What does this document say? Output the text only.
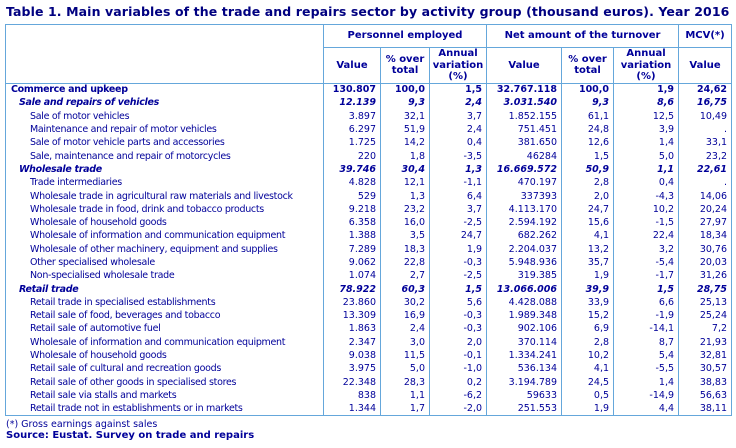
Table 1. Main variables of the trade and repairs sector by activity group (thousand euros). Year 2016
	Personnel employed			Net amount of the turnover			MCV(*)
	Value	% over total	Annual variation (%)	Value	% over total	Annual variation (%)	Value
Commerce and upkeep	130.807	100,0	1,5	32.767.118	100,0	1,9	24,62
Sale and repairs of vehicles	12.139	9,3	2,4	3.031.540	9,3	8,6	16,75
Sale of motor vehicles	3.897	32,1	3,7	1.852.155	61,1	12,5	10,49
Maintenance and repair of motor vehicles	6.297	51,9	2,4	751.451	24,8	3,9	.
Sale of motor vehicle parts and accessories	1.725	14,2	0,4	381.650	12,6	1,4	33,1
Sale, maintenance and repair of motorcycles	220	1,8	-3,5	46284	1,5	5,0	23,2
Wholesale trade	39.746	30,4	1,3	16.669.572	50,9	1,1	22,61
Trade intermediaries	4.828	12,1	-1,1	470.197	2,8	0,4	.
Wholesale trade in agricultural raw materials and livestock	529	1,3	6,4	337393	2,0	-4,3	14,06
Wholesale trade in food, drink and tobacco products	9.218	23,2	3,7	4.113.170	24,7	10,2	20,24
Wholesale of household goods	6.358	16,0	-2,5	2.594.192	15,6	-1,5	27,97
Wholesale of information and communication equipment	1.388	3,5	24,7	682.262	4,1	22,4	18,34
Wholesale of other machinery, equipment and supplies	7.289	18,3	1,9	2.204.037	13,2	3,2	30,76
Other specialised wholesale	9.062	22,8	-0,3	5.948.936	35,7	-5,4	20,03
Non-specialised wholesale trade	1.074	2,7	-2,5	319.385	1,9	-1,7	31,26
Retail trade	78.922	60,3	1,5	13.066.006	39,9	1,5	28,75
Retail trade in specialised establishments	23.860	30,2	5,6	4.428.088	33,9	6,6	25,13
Retail sale of food, beverages and tobacco	13.309	16,9	-0,3	1.989.348	15,2	-1,9	25,24
Retail sale of automotive fuel	1.863	2,4	-0,3	902.106	6,9	-14,1	7,2
Wholesale of information and communication equipment	2.347	3,0	2,0	370.114	2,8	8,7	21,93
Wholesale of household goods	9.038	11,5	-0,1	1.334.241	10,2	5,4	32,81
Retail sale of cultural and recreation goods	3.975	5,0	-1,0	536.134	4,1	-5,5	30,57
Retail sale of other goods in specialised stores	22.348	28,3	0,2	3.194.789	24,5	1,4	38,83
Retail sale via stalls and markets	838	1,1	-6,2	59633	0,5	-14,9	56,63
Retail trade not in establishments or in markets	1.344	1,7	-2,0	251.553	1,9	4,4	38,11
(*) Gross earnings against sales
Source: Eustat. Survey on trade and repairs
